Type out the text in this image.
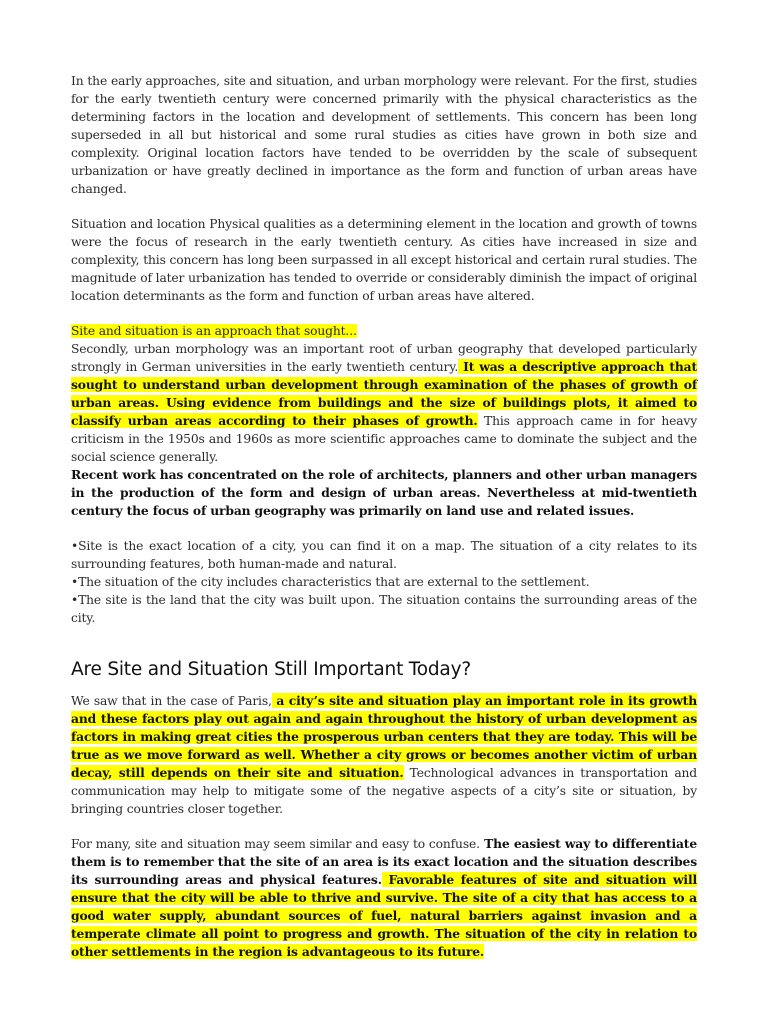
In the early approaches, site and situation, and urban morphology were relevant. For the first, studies for the early twentieth century were concerned primarily with the physical characteristics as the determining factors in the location and development of settlements. This concern has been long superseded in all but historical and some rural studies as cities have grown in both size and complexity. Original location factors have tended to be overridden by the scale of subsequent urbanization or have greatly declined in importance as the form and function of urban areas have changed.

Situation and location Physical qualities as a determining element in the location and growth of towns were the focus of research in the early twentieth century. As cities have increased in size and complexity, this concern has long been surpassed in all except historical and certain rural studies. The magnitude of later urbanization has tended to override or considerably diminish the impact of original location determinants as the form and function of urban areas have altered.

Site and situation is an approach that sought...

Secondly, urban morphology was an important root of urban geography that developed particularly strongly in German universities in the early twentieth century. It was a descriptive approach that sought to understand urban development through examination of the phases of growth of urban areas. Using evidence from buildings and the size of buildings plots, it aimed to classify urban areas according to their phases of growth. This approach came in for heavy criticism in the 1950s and 1960s as more scientific approaches came to dominate the subject and the social science generally.
Recent work has concentrated on the role of architects, planners and other urban managers in the production of the form and design of urban areas. Nevertheless at mid-twentieth century the focus of urban geography was primarily on land use and related issues.

•Site is the exact location of a city, you can find it on a map. The situation of a city relates to its surrounding features, both human-made and natural.

•The situation of the city includes characteristics that are external to the settlement.

•The site is the land that the city was built upon. The situation contains the surrounding areas of the city.

Are Site and Situation Still Important Today?

We saw that in the case of Paris, a city’s site and situation play an important role in its growth and these factors play out again and again throughout the history of urban development as factors in making great cities the prosperous urban centers that they are today. This will be true as we move forward as well. Whether a city grows or becomes another victim of urban decay, still depends on their site and situation. Technological advances in transportation and communication may help to mitigate some of the negative aspects of a city’s site or situation, by bringing countries closer together.

For many, site and situation may seem similar and easy to confuse. The easiest way to differentiate them is to remember that the site of an area is its exact location and the situation describes its surrounding areas and physical features. Favorable features of site and situation will ensure that the city will be able to thrive and survive. The site of a city that has access to a good water supply, abundant sources of fuel, natural barriers against invasion and a temperate climate all point to progress and growth. The situation of the city in relation to other settlements in the region is advantageous to its future.
